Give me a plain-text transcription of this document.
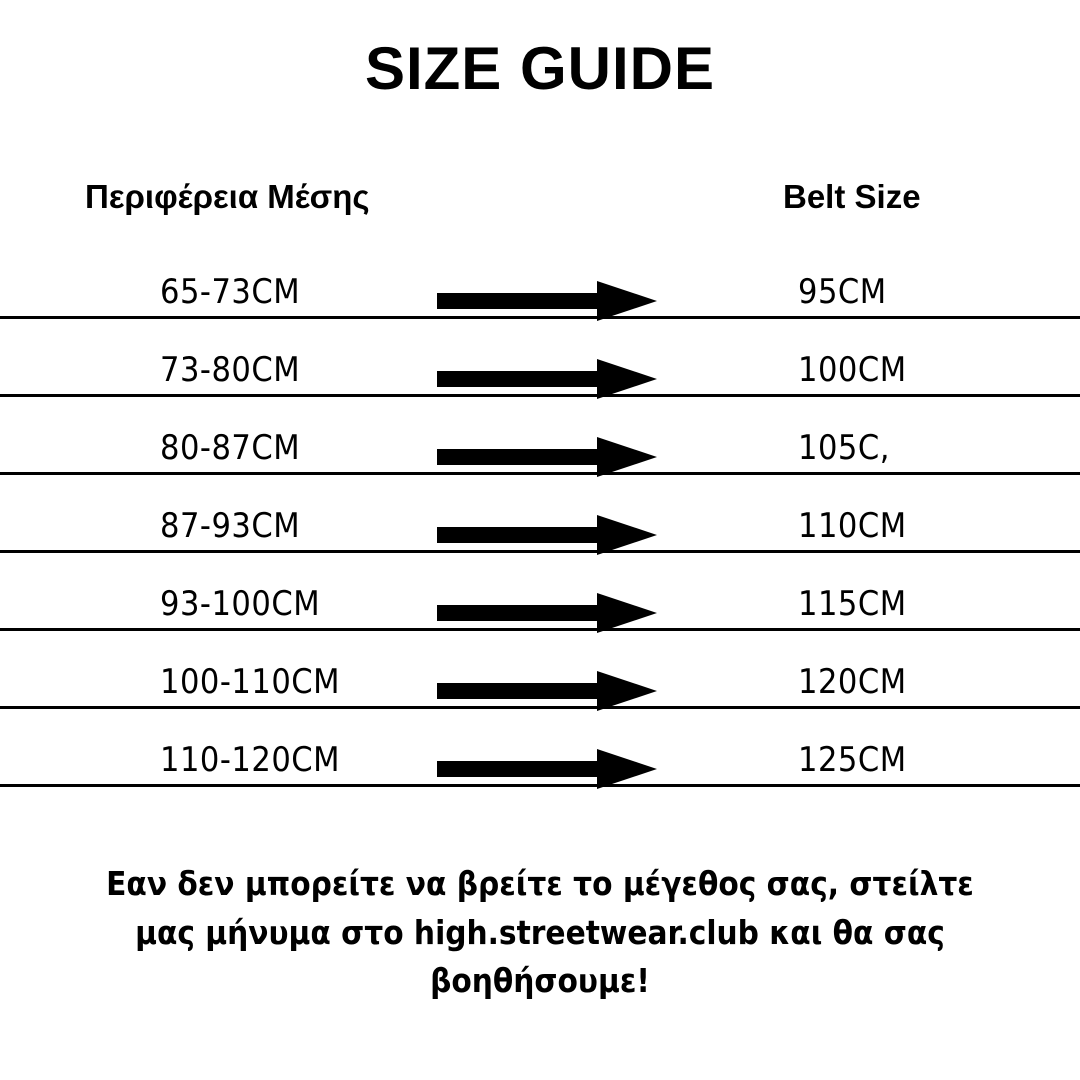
SIZE GUIDE
Περιφέρεια Μέσης	Belt Size
65-73CM	95CM
73-80CM	100CM
80-87CM	105C,
87-93CM	110CM
93-100CM	115CM
100-110CM	120CM
110-120CM	125CM

Εαν δεν μπορείτε να βρείτε το μέγεθος σας, στείλτε μας μήνυμα στο high.streetwear.club και θα σας βοηθήσουμε!
